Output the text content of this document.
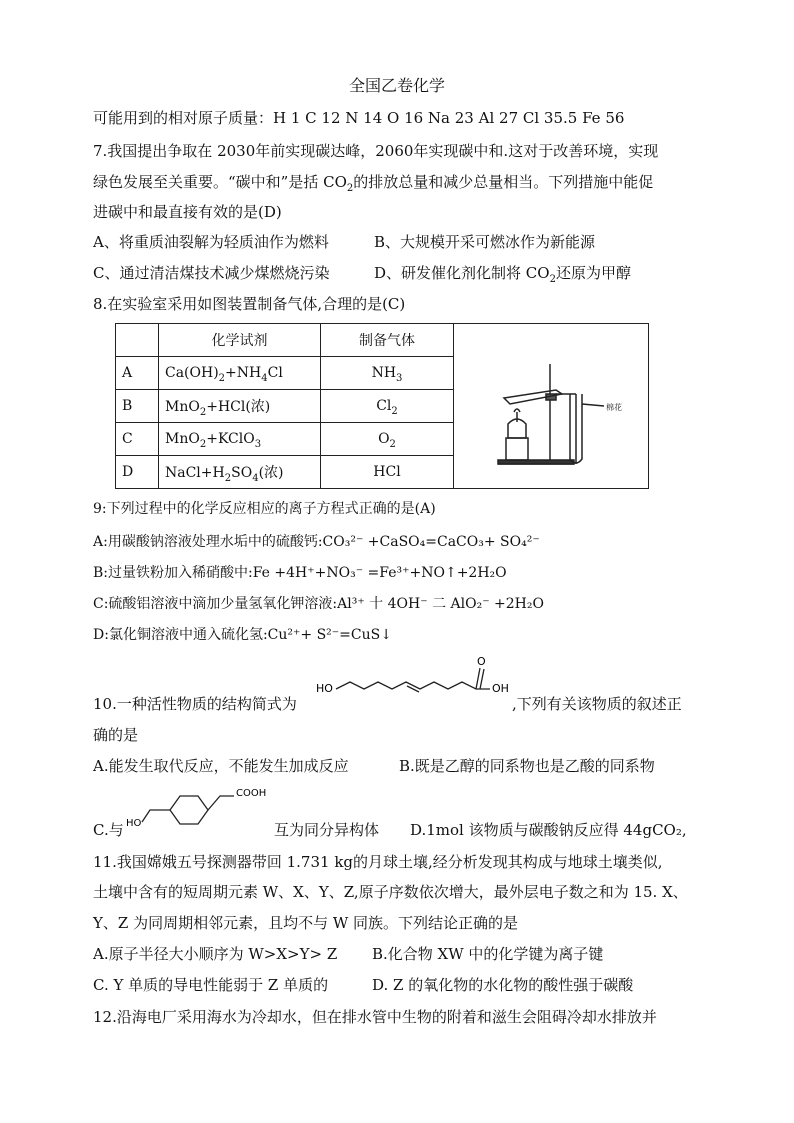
全国乙卷化学
可能用到的相对原子质量：H 1 C 12 N 14 O 16 Na 23 Al 27 Cl 35.5 Fe 56
7.我国提出争取在 2030年前实现碳达峰，2060年实现碳中和.这对于改善环境，实现
绿色发展至关重要。“碳中和”是括 $CO_2$的排放总量和减少总量相当。下列措施中能促
进碳中和最直接有效的是(D)
A、将重质油裂解为轻质油作为燃料	B、大规模开采可燃冰作为新能源
C、通过清洁煤技术减少煤燃烧污染	D、研发催化剂化制将 $CO_2$还原为甲醇
8.在实验室采用如图装置制备气体,合理的是(C)
	化学试剂	制备气体	棉花

A	$Ca(OH)_2+NH_4Cl$	$NH_3$
B	MnO$_2$+HCl(浓)	$Cl_2$
C	MnO$_2$+KClO$_3$	$O_2$
D	$NaCl+H_2SO_4$(浓)	HCl	
9:下列过程中的化学反应相应的离子方程式正确的是(A)
A:用碳酸钠溶液处理水垢中的硫酸钙:CO₃²⁻ +CaSO₄=CaCO₃+ SO₄²⁻
B:过量铁粉加入稀硝酸中:Fe +4H⁺+NO₃⁻ =Fe³⁺+NO↑+2H₂O
C:硫酸铝溶液中滴加少量氢氧化钾溶液:Al³⁺ 十 4OH⁻ 二 AlO₂⁻ +2H₂O
D:氯化铜溶液中通入硫化氢:Cu²⁺+ S²⁻=CuS↓
10.一种活性物质的结构简式为
HO	OH
O
,下列有关该物质的叙述正
确的是
A.能发生取代反应，不能发生加成反应	B.既是乙醇的同系物也是乙酸的同系物
C.与 HO
COOH
互为同分异构体 D.1mol 该物质与碳酸钠反应得 44gCO₂,
11.我国嫦娥五号探测器带回 1.731 kg的月球土壤,经分析发现其构成与地球土壤类似,
土壤中含有的短周期元素 W、X、Y、Z,原子序数依次增大，最外层电子数之和为 15. X、
Y、Z 为同周期相邻元素，且均不与 W 同族。下列结论正确的是
A.原子半径大小顺序为 W>X>Y> Z B.化合物 XW 中的化学键为离子键
C. Y 单质的导电性能弱于 Z 单质的	D. Z 的氧化物的水化物的酸性强于碳酸
12.沿海电厂采用海水为冷却水，但在排水管中生物的附着和滋生会阻碍冷却水排放并
